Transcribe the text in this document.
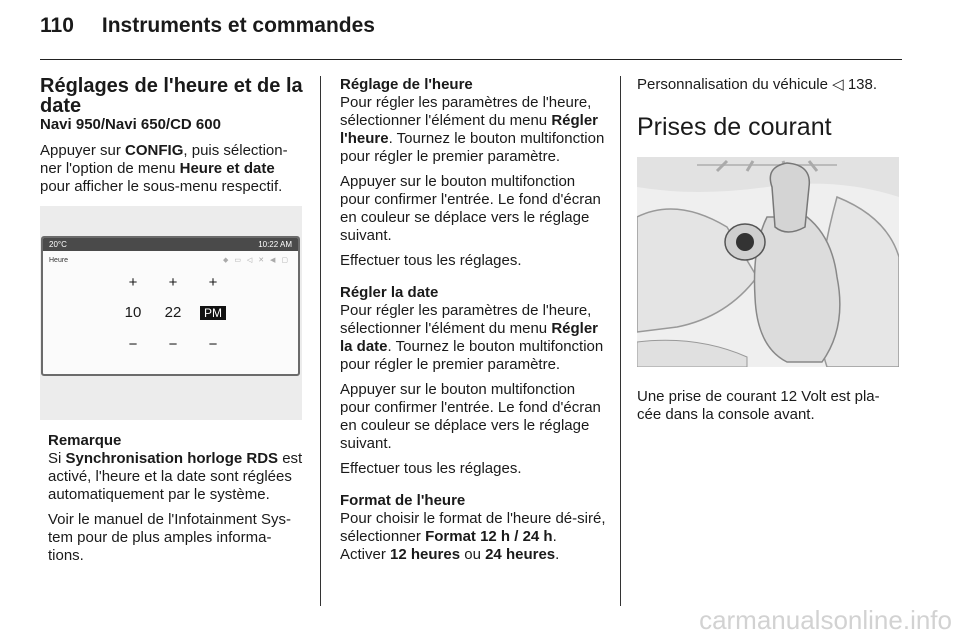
110 Instruments et commandes
Réglages de l'heure et de la date
Navi 950/Navi 650/CD 600

Appuyer sur CONFIG, puis sélection-ner l'option de menu Heure et date pour afficher le sous-menu respectif.

20°C	10:22 AM
Heure	◆ ▭ ◁ ✕ ◀ ▢
+	+	+
10	22	PM
−	−	−
Remarque

Si Synchronisation horloge RDS est activé, l'heure et la date sont réglées automatiquement par le système.

Voir le manuel de l'Infotainment Sys-tem pour de plus amples informa-tions.

Réglage de l'heure

Pour régler les paramètres de l'heure, sélectionner l'élément du menu Régler l'heure. Tournez le bouton multifonction pour régler le premier paramètre.

Appuyer sur le bouton multifonction pour confirmer l'entrée. Le fond d'écran en couleur se déplace vers le réglage suivant.

Effectuer tous les réglages.

Régler la date

Pour régler les paramètres de l'heure, sélectionner l'élément du menu Régler la date. Tournez le bouton multifonction pour régler le premier paramètre.

Appuyer sur le bouton multifonction pour confirmer l'entrée. Le fond d'écran en couleur se déplace vers le réglage suivant.

Effectuer tous les réglages.

Format de l'heure

Pour choisir le format de l'heure dé-siré, sélectionner Format 12 h / 24 h.

Activer 12 heures ou 24 heures.

Personnalisation du véhicule ◁ 138.

Prises de courant

Une prise de courant 12 Volt est pla-cée dans la console avant.

carmanualsonline.info
